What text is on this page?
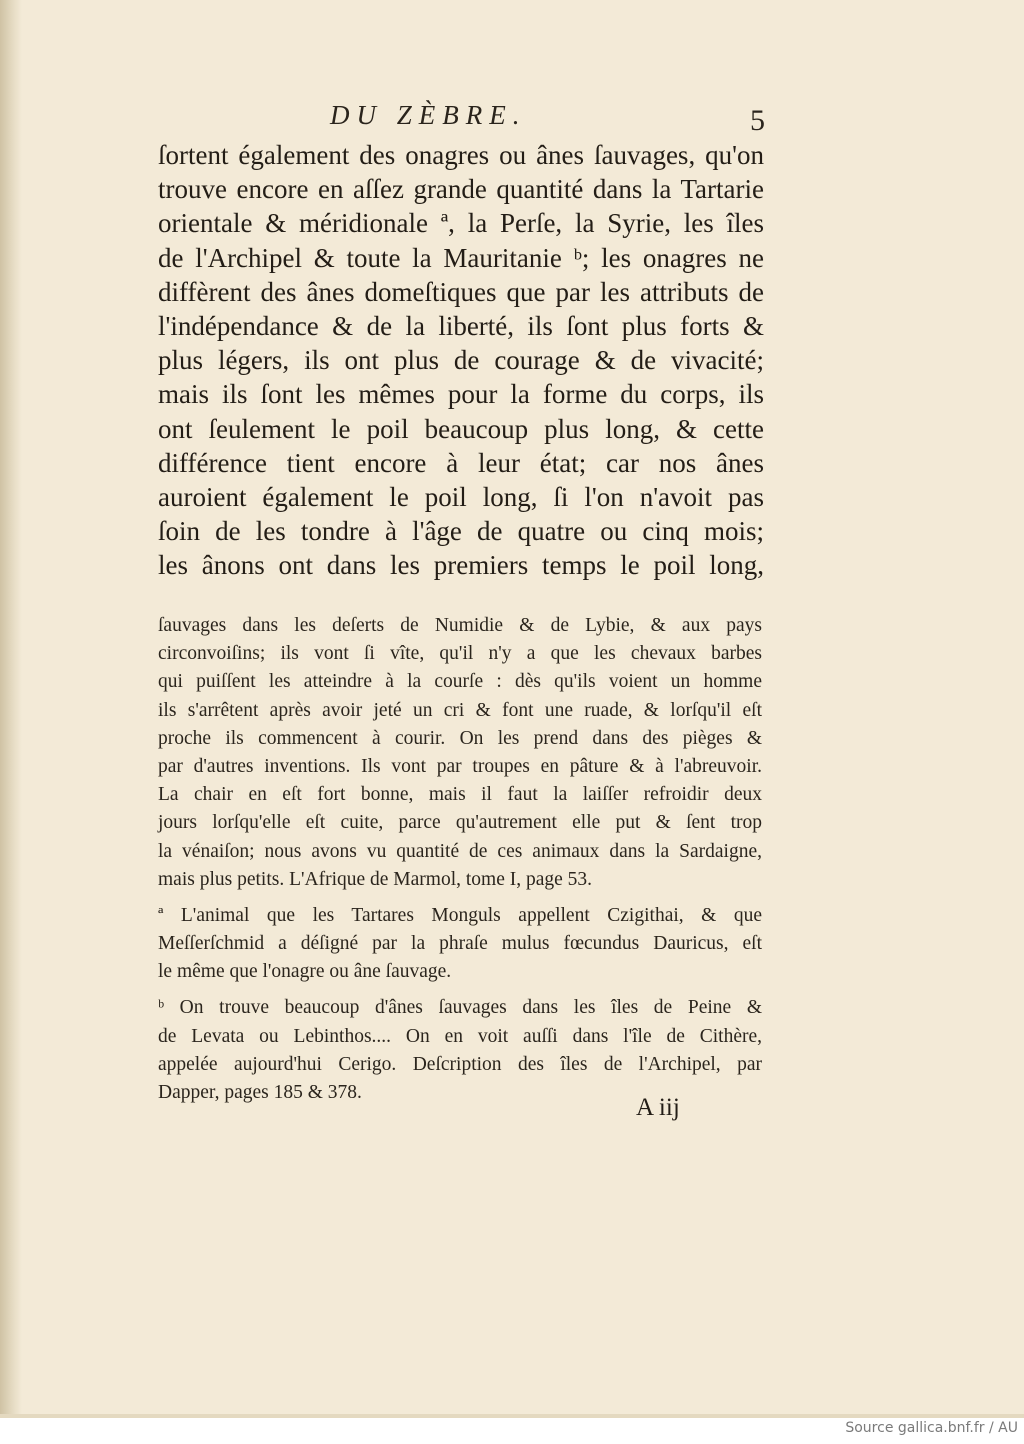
DU ZÈBRE.	5
ſortent également des onagres ou ânes ſauvages, qu'on
trouve encore en aſſez grande quantité dans la Tartarie
orientale & méridionale ª, la Perſe, la Syrie, les îles
de l'Archipel & toute la Mauritanie ᵇ; les onagres ne
diffèrent des ânes domeſtiques que par les attributs de
l'indépendance & de la liberté, ils ſont plus forts &
plus légers, ils ont plus de courage & de vivacité;
mais ils ſont les mêmes pour la forme du corps, ils
ont ſeulement le poil beaucoup plus long, & cette
différence tient encore à leur état; car nos ânes
auroient également le poil long, ſi l'on n'avoit pas
ſoin de les tondre à l'âge de quatre ou cinq mois;
les ânons ont dans les premiers temps le poil long,
ſauvages dans les deſerts de Numidie & de Lybie, & aux pays
circonvoiſins; ils vont ſi vîte, qu'il n'y a que les chevaux barbes
qui puiſſent les atteindre à la courſe : dès qu'ils voient un homme
ils s'arrêtent après avoir jeté un cri & font une ruade, & lorſqu'il eſt
proche ils commencent à courir. On les prend dans des pièges &
par d'autres inventions. Ils vont par troupes en pâture & à l'abreuvoir.
La chair en eſt fort bonne, mais il faut la laiſſer refroidir deux
jours lorſqu'elle eſt cuite, parce qu'autrement elle put & ſent trop
la vénaiſon; nous avons vu quantité de ces animaux dans la Sardaigne,
mais plus petits. L'Afrique de Marmol, tome I, page 53.
ª L'animal que les Tartares Monguls appellent Czigithai, & que
Meſſerſchmid a déſigné par la phraſe mulus fœcundus Dauricus, eſt
le même que l'onagre ou âne ſauvage.
ᵇ On trouve beaucoup d'ânes ſauvages dans les îles de Peine &
de Levata ou Lebinthos.... On en voit auſſi dans l'île de Cithère,
appelée aujourd'hui Cerigo. Deſcription des îles de l'Archipel, par
Dapper, pages 185 & 378.
A iij
Source gallica.bnf.fr / AU
